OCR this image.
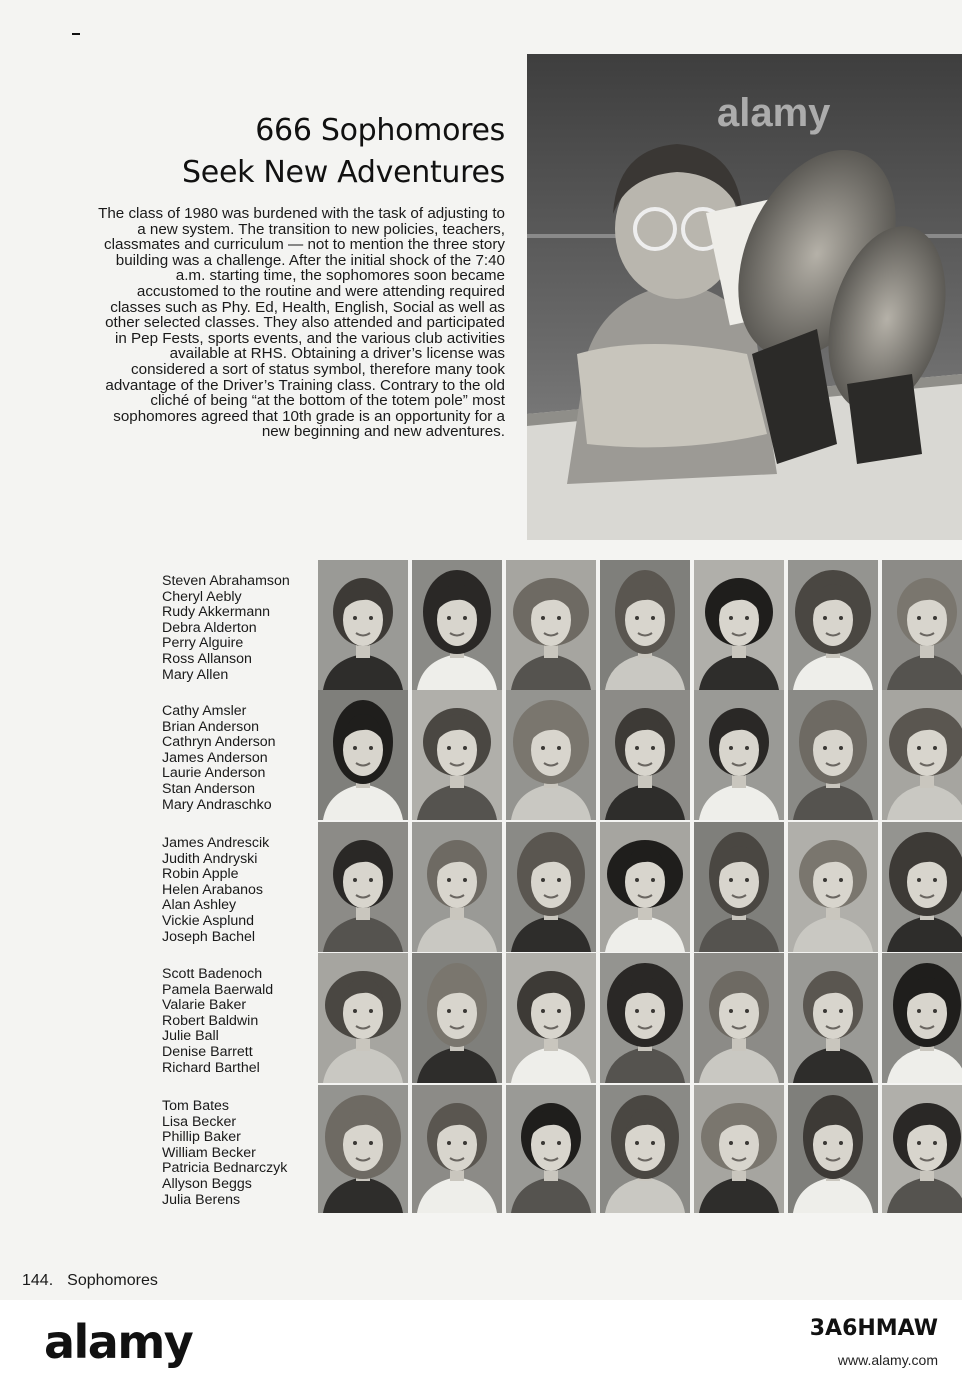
666 Sophomores
Seek New Adventures

The class of 1980 was burdened with the task of adjusting to a new system. The transition to new policies, teachers, classmates and curriculum — not to mention the three story building was a challenge. After the initial shock of the 7:40 a.m. starting time, the sophomores soon became accustomed to the routine and were attending required classes such as Phy. Ed, Health, English, Social as well as other selected classes. They also attended and participated in Pep Fests, sports events, and the various club activities available at RHS. Obtaining a driver’s license was considered a sort of status symbol, therefore many took advantage of the Driver’s Training class. Contrary to the old cliché of being “at the bottom of the totem pole” most sophomores agreed that 10th grade is an opportunity for a new beginning and new adventures.

alamy
Steven Abrahamson
Cheryl Aebly
Rudy Akkermann
Debra Alderton
Perry Alguire
Ross Allanson
Mary Allen
Cathy Amsler
Brian Anderson
Cathryn Anderson
James Anderson
Laurie Anderson
Stan Anderson
Mary Andraschko
James Andrescik
Judith Andryski
Robin Apple
Helen Arabanos
Alan Ashley
Vickie Asplund
Joseph Bachel
Scott Badenoch
Pamela Baerwald
Valarie Baker
Robert Baldwin
Julie Ball
Denise Barrett
Richard Barthel
Tom Bates
Lisa Becker
Phillip Baker
William Becker
Patricia Bednarczyk
Allyson Beggs
Julia Berens
144. Sophomores
alamy	3A6HMAW
www.alamy.com
